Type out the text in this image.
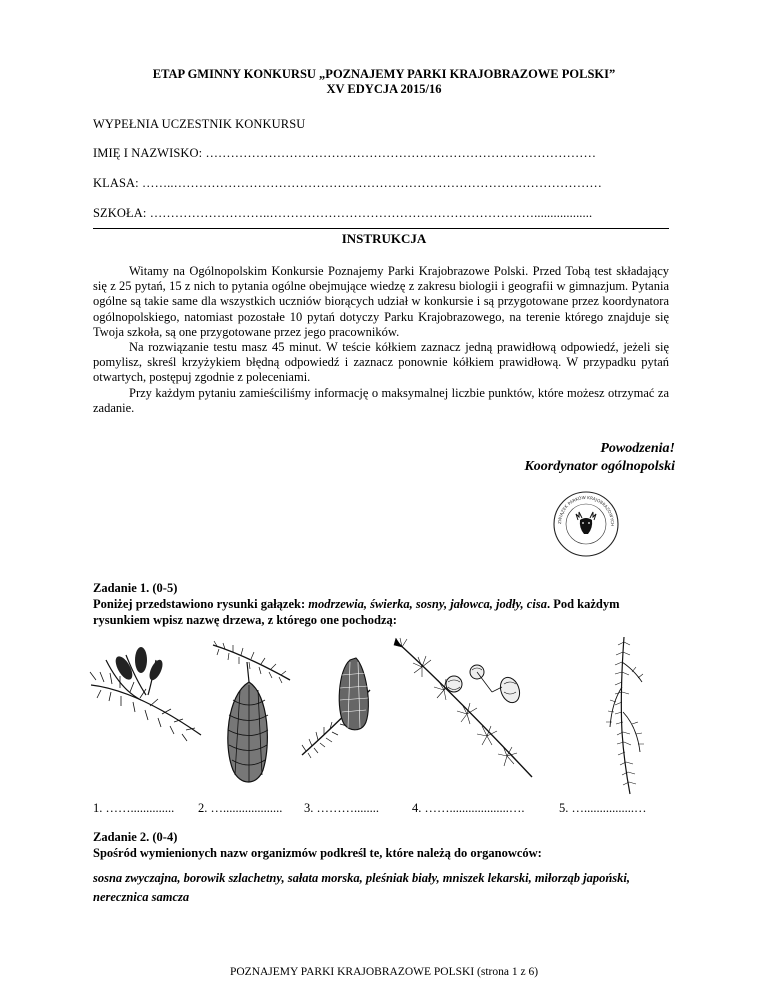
ETAP GMINNY KONKURSU „POZNAJEMY PARKI KRAJOBRAZOWE POLSKI”
XV EDYCJA 2015/16
WYPEŁNIA UCZESTNIK KONKURSU
IMIĘ I NAZWISKO: …………………………………………………………………………………
KLASA: ……..…………………………………………………………………………………………
SZKOŁA: ………………………..………………………………………………………..................
INSTRUKCJA

Witamy na Ogólnopolskim Konkursie Poznajemy Parki Krajobrazowe Polski. Przed Tobą test składający się z 25 pytań, 15 z nich to pytania ogólne obejmujące wiedzę z zakresu biologii i geografii w gimnazjum. Pytania ogólne są takie same dla wszystkich uczniów biorących udział w konkursie i są przygotowane przez koordynatora ogólnopolskiego, natomiast pozostałe 10 pytań dotyczy Parku Krajobrazowego, na terenie którego znajduje się Twoja szkoła, są one przygotowane przez jego pracowników.

Na rozwiązanie testu masz 45 minut. W teście kółkiem zaznacz jedną prawidłową odpowiedź, jeżeli się pomylisz, skreśl krzyżykiem błędną odpowiedź i zaznacz ponownie kółkiem prawidłową. W przypadku pytań otwartych, postępuj zgodnie z poleceniami.

Przy każdym pytaniu zamieściliśmy informację o maksymalnej liczbie punktów, które możesz otrzymać za zadanie.

Powodzenia!
Koordynator ogólnopolski
ZWIĄZEK PARKÓW KRAJOBRAZOWYCH
Zadanie 1. (0-5)
Poniżej przedstawiono rysunki gałązek: modrzewia, świerka, sosny, jałowca, jodły, cisa. Pod każdym rysunkiem wpisz nazwę drzewa, z którego one pochodzą:
1. …….............. 2. …................... 3. ………........	4. ……...................….	5. …................…
Zadanie 2. (0-4)
Spośród wymienionych nazw organizmów podkreśl te, które należą do organowców:
sosna zwyczajna, borowik szlachetny, sałata morska, pleśniak biały, mniszek lekarski, miłorząb japoński, nerecznica samcza
POZNAJEMY PARKI KRAJOBRAZOWE POLSKI (strona 1 z 6)
